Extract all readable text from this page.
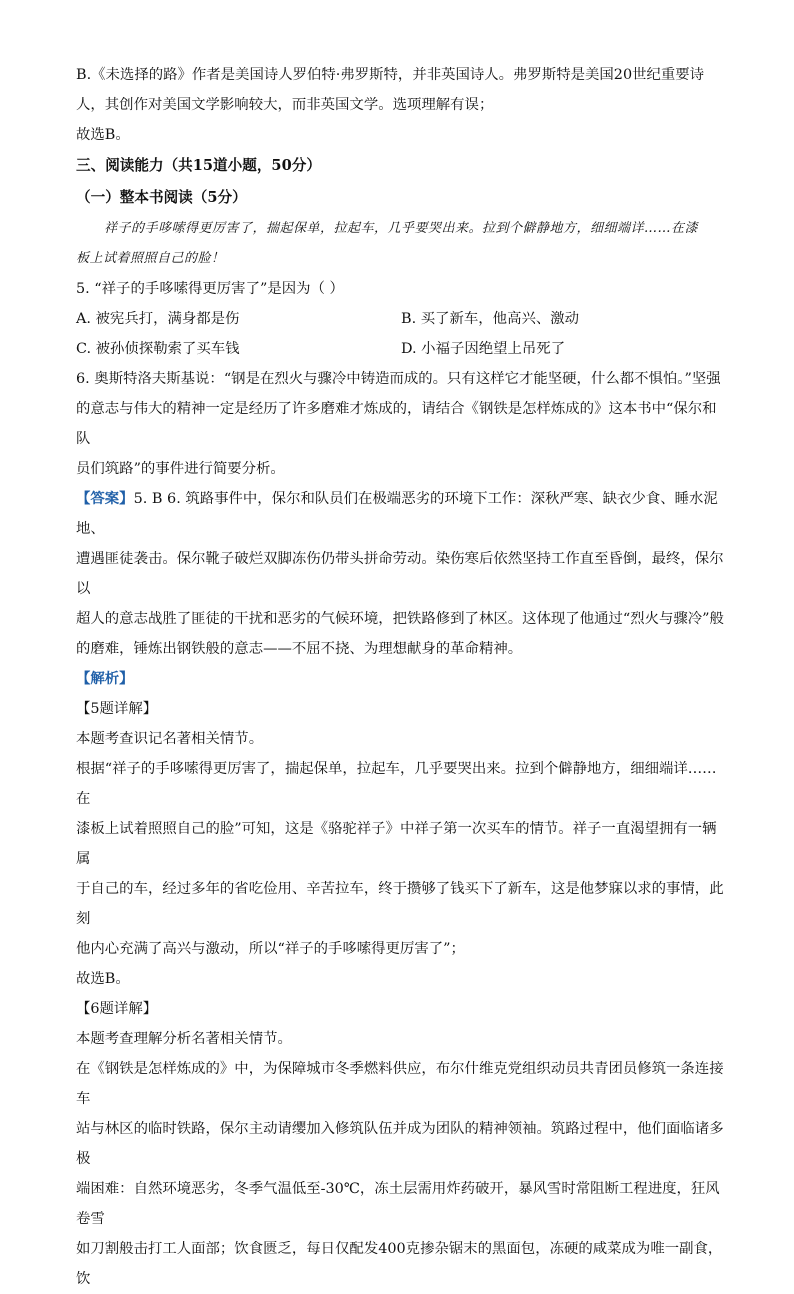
B.《未选择的路》作者是美国诗人罗伯特·弗罗斯特，并非英国诗人。弗罗斯特是美国20世纪重要诗

人，其创作对美国文学影响较大，而非英国文学。选项理解有误；

故选B。

三、阅读能力（共15道小题，50分）

（一）整本书阅读（5分）

祥子的手哆嗦得更厉害了，揣起保单，拉起车，几乎要哭出来。拉到个僻静地方，细细端详……在漆
板上试着照照自己的脸！

5. “祥子的手哆嗦得更厉害了”是因为（ ）

A. 被宪兵打，满身都是伤	B. 买了新车，他高兴、激动

C. 被孙侦探勒索了买车钱	D. 小福子因绝望上吊死了

6. 奥斯特洛夫斯基说：“钢是在烈火与骤冷中铸造而成的。只有这样它才能坚硬，什么都不惧怕。”坚强

的意志与伟大的精神一定是经历了许多磨难才炼成的，请结合《钢铁是怎样炼成的》这本书中“保尔和队

员们筑路”的事件进行简要分析。

【答案】5. B 6. 筑路事件中，保尔和队员们在极端恶劣的环境下工作：深秋严寒、缺衣少食、睡水泥地、

遭遇匪徒袭击。保尔靴子破烂双脚冻伤仍带头拼命劳动。染伤寒后依然坚持工作直至昏倒，最终，保尔以

超人的意志战胜了匪徒的干扰和恶劣的气候环境，把铁路修到了林区。这体现了他通过“烈火与骤冷”般

的磨难，锤炼出钢铁般的意志——不屈不挠、为理想献身的革命精神。

【解析】

【5题详解】

本题考查识记名著相关情节。

根据“祥子的手哆嗦得更厉害了，揣起保单，拉起车，几乎要哭出来。拉到个僻静地方，细细端详……在

漆板上试着照照自己的脸”可知，这是《骆驼祥子》中祥子第一次买车的情节。祥子一直渴望拥有一辆属

于自己的车，经过多年的省吃俭用、辛苦拉车，终于攒够了钱买下了新车，这是他梦寐以求的事情，此刻

他内心充满了高兴与激动，所以“祥子的手哆嗦得更厉害了”；

故选B。

【6题详解】

本题考查理解分析名著相关情节。

在《钢铁是怎样炼成的》中，为保障城市冬季燃料供应，布尔什维克党组织动员共青团员修筑一条连接车

站与林区的临时铁路，保尔主动请缨加入修筑队伍并成为团队的精神领袖。筑路过程中，他们面临诸多极

端困难：自然环境恶劣，冬季气温低至-30℃，冻土层需用炸药破开，暴风雪时常阻断工程进度，狂风卷雪

如刀割般击打工人面部；饮食匮乏，每日仅配发400克掺杂锯末的黑面包，冻硬的咸菜成为唯一副食，饮
